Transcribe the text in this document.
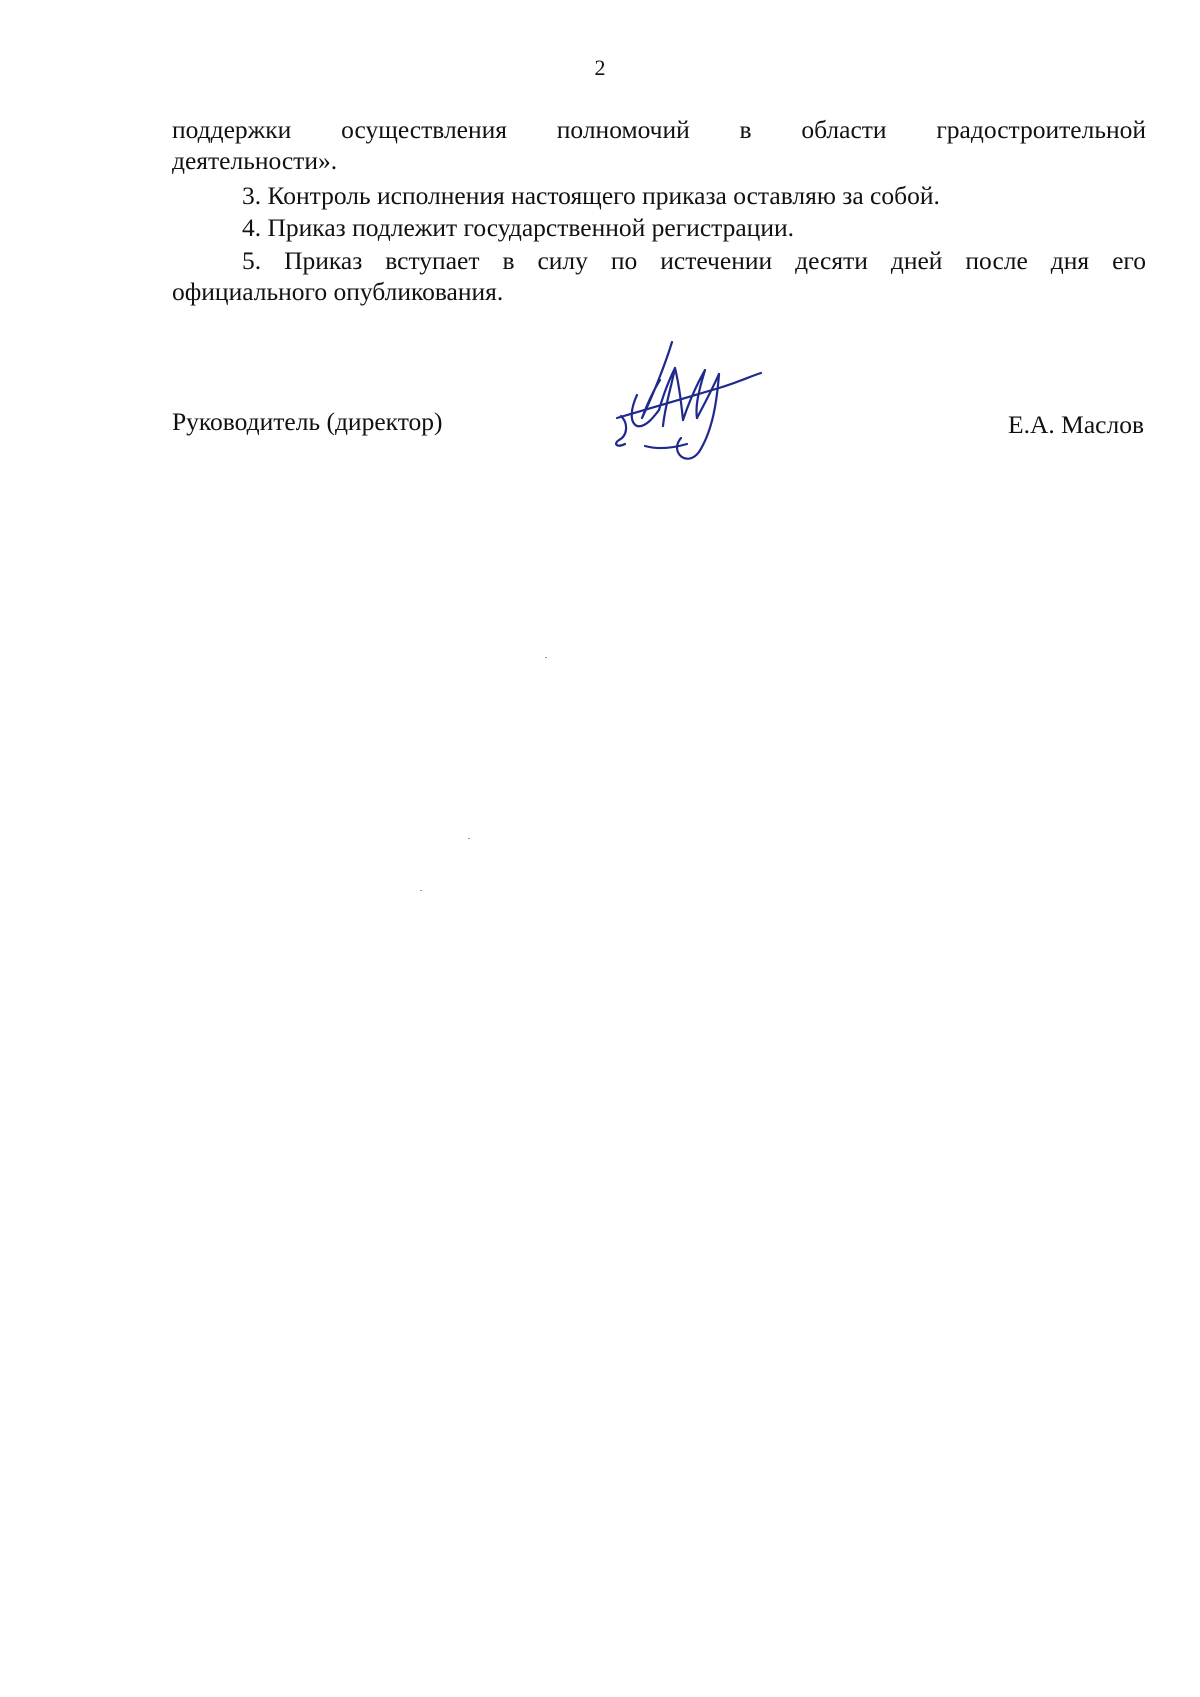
2
поддержки осуществления полномочий в области градостроительной
деятельности».
3. Контроль исполнения настоящего приказа оставляю за собой.
4. Приказ подлежит государственной регистрации.
5. Приказ вступает в силу по истечении десяти дней после дня его
официального опубликования.
Руководитель (директор)	Е.А. Маслов
